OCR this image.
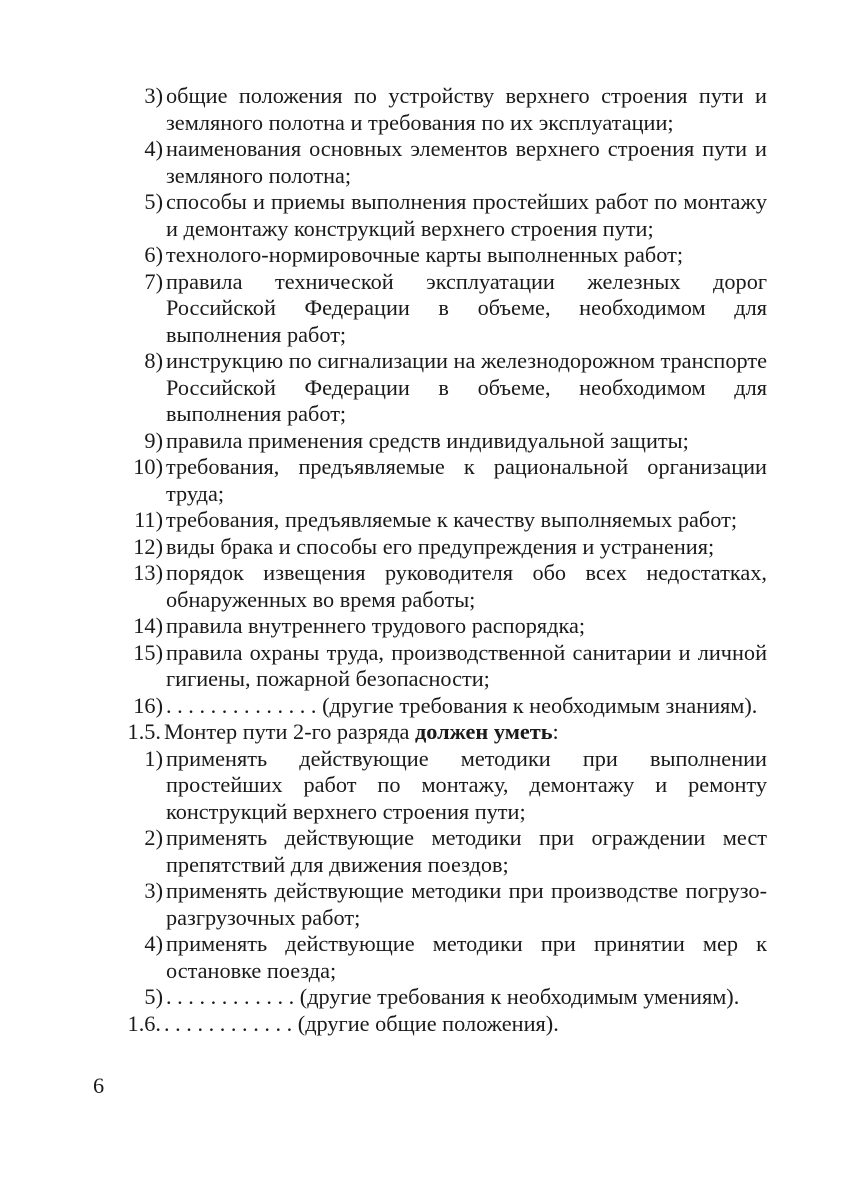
3) общие положения по устройству верхнего строения пути и земляного полотна и требования по их эксплуатации;
4) наименования основных элементов верхнего строения пути и земляного полотна;
5) способы и приемы выполнения простейших работ по монтажу и демонтажу конструкций верхнего строения пути;
6) технолого-нормировочные карты выполненных работ;
7) правила технической эксплуатации железных дорог Российской Федерации в объеме, необходимом для выполнения работ;
8) инструкцию по сигнализации на железнодорожном транспорте Российской Федерации в объеме, необходимом для выполнения работ;
9) правила применения средств индивидуальной защиты;
10) требования, предъявляемые к рациональной организации труда;
11) требования, предъявляемые к качеству выполняемых работ;
12) виды брака и способы его предупреждения и устранения;
13) порядок извещения руководителя обо всех недостатках, обнаруженных во время работы;
14) правила внутреннего трудового распорядка;
15) правила охраны труда, производственной санитарии и личной гигиены, пожарной безопасности;
16) . . . . . . . . . . . . . . (другие требования к необходимым знаниям).
1.5. Монтер пути 2-го разряда должен уметь:
1) применять действующие методики при выполнении простейших работ по монтажу, демонтажу и ремонту конструкций верхнего строения пути;
2) применять действующие методики при ограждении мест препятствий для движения поездов;
3) применять действующие методики при производстве погрузо-разгрузочных работ;
4) применять действующие методики при принятии мер к остановке поезда;
5) . . . . . . . . . . . . (другие требования к необходимым умениям).
1.6. . . . . . . . . . . . . (другие общие положения).
6
